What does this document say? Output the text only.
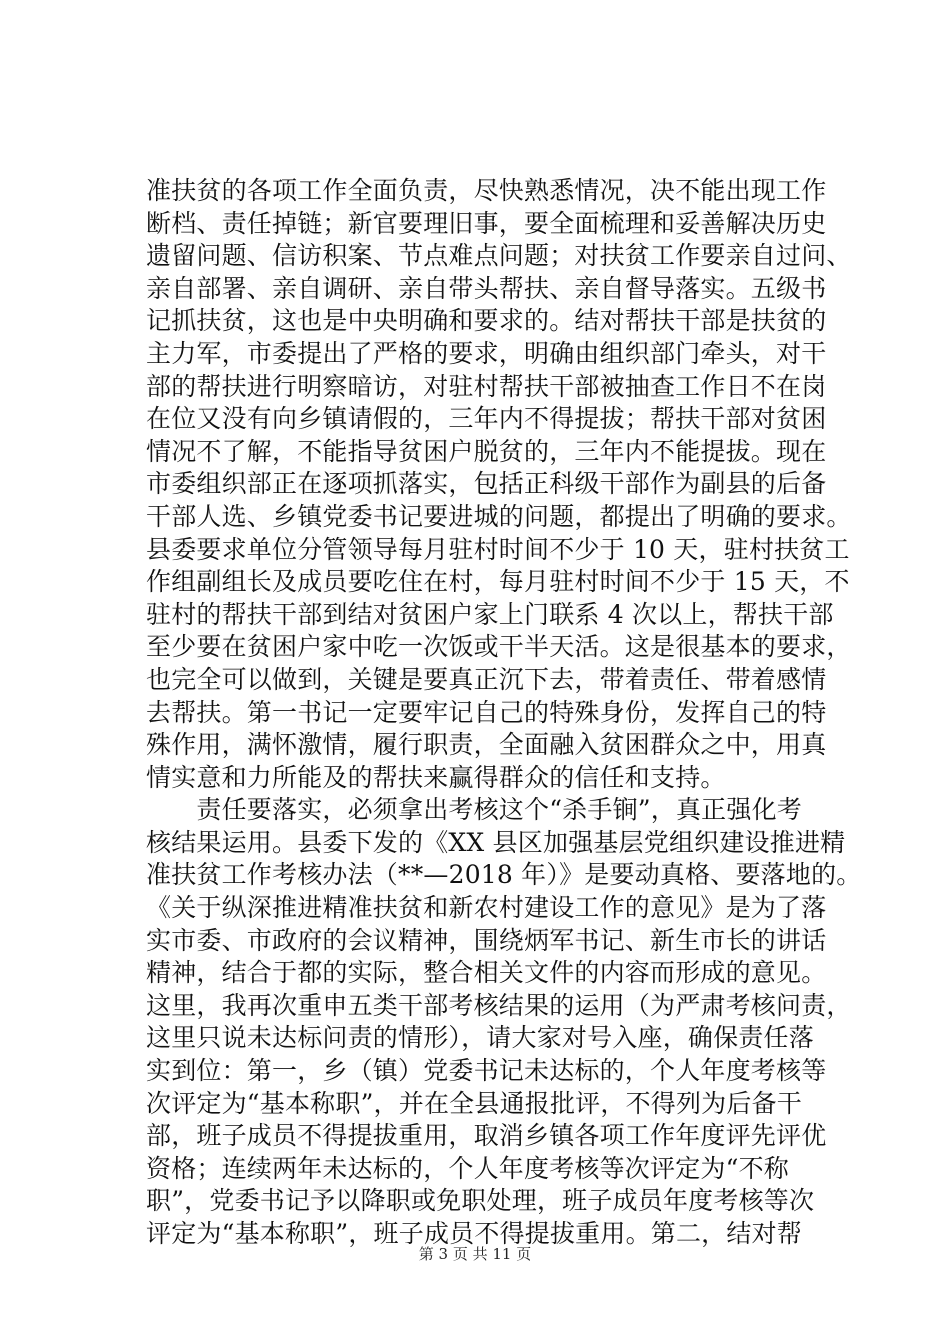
准扶贫的各项工作全面负责，尽快熟悉情况，决不能出现工作
断档、责任掉链；新官要理旧事，要全面梳理和妥善解决历史
遗留问题、信访积案、节点难点问题；对扶贫工作要亲自过问、
亲自部署、亲自调研、亲自带头帮扶、亲自督导落实。五级书
记抓扶贫，这也是中央明确和要求的。结对帮扶干部是扶贫的
主力军，市委提出了严格的要求，明确由组织部门牵头，对干
部的帮扶进行明察暗访，对驻村帮扶干部被抽查工作日不在岗
在位又没有向乡镇请假的，三年内不得提拔；帮扶干部对贫困
情况不了解，不能指导贫困户脱贫的，三年内不能提拔。现在
市委组织部正在逐项抓落实，包括正科级干部作为副县的后备
干部人选、乡镇党委书记要进城的问题，都提出了明确的要求。
县委要求单位分管领导每月驻村时间不少于 10 天，驻村扶贫工
作组副组长及成员要吃住在村，每月驻村时间不少于 15 天，不
驻村的帮扶干部到结对贫困户家上门联系 4 次以上，帮扶干部
至少要在贫困户家中吃一次饭或干半天活。这是很基本的要求，
也完全可以做到，关键是要真正沉下去，带着责任、带着感情
去帮扶。第一书记一定要牢记自己的特殊身份，发挥自己的特
殊作用，满怀激情，履行职责，全面融入贫困群众之中，用真
情实意和力所能及的帮扶来赢得群众的信任和支持。
　　责任要落实，必须拿出考核这个“杀手锏”，真正强化考
核结果运用。县委下发的《XX 县区加强基层党组织建设推进精
准扶贫工作考核办法（**—2018 年）》是要动真格、要落地的。
《关于纵深推进精准扶贫和新农村建设工作的意见》是为了落
实市委、市政府的会议精神，围绕炳军书记、新生市长的讲话
精神，结合于都的实际，整合相关文件的内容而形成的意见。
这里，我再次重申五类干部考核结果的运用（为严肃考核问责，
这里只说未达标问责的情形），请大家对号入座，确保责任落
实到位：第一，乡（镇）党委书记未达标的，个人年度考核等
次评定为“基本称职”，并在全县通报批评，不得列为后备干
部，班子成员不得提拔重用，取消乡镇各项工作年度评先评优
资格；连续两年未达标的，个人年度考核等次评定为“不称
职”，党委书记予以降职或免职处理，班子成员年度考核等次
评定为“基本称职”，班子成员不得提拔重用。第二，结对帮
第 3 页 共 11 页
